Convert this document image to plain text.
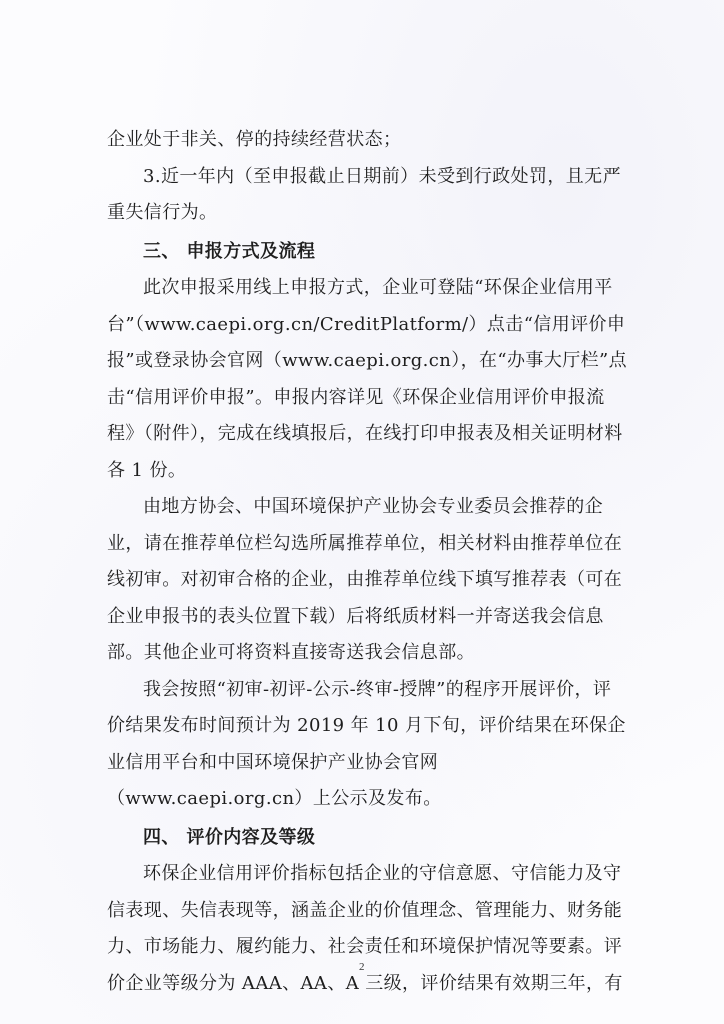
企业处于非关、停的持续经营状态；

3.近一年内（至申报截止日期前）未受到行政处罚，且无严重失信行为。

三、 申报方式及流程

此次申报采用线上申报方式，企业可登陆“环保企业信用平台”（www.caepi.org.cn/CreditPlatform/）点击“信用评价申报”或登录协会官网（www.caepi.org.cn），在“办事大厅栏”点击“信用评价申报”。申报内容详见《环保企业信用评价申报流程》（附件），完成在线填报后，在线打印申报表及相关证明材料各 1 份。

由地方协会、中国环境保护产业协会专业委员会推荐的企业，请在推荐单位栏勾选所属推荐单位，相关材料由推荐单位在线初审。对初审合格的企业，由推荐单位线下填写推荐表（可在企业申报书的表头位置下载）后将纸质材料一并寄送我会信息部。其他企业可将资料直接寄送我会信息部。

我会按照“初审-初评-公示-终审-授牌”的程序开展评价，评价结果发布时间预计为 2019 年 10 月下旬，评价结果在环保企业信用平台和中国环境保护产业协会官网（www.caepi.org.cn）上公示及发布。

四、 评价内容及等级

环保企业信用评价指标包括企业的守信意愿、守信能力及守信表现、失信表现等，涵盖企业的价值理念、管理能力、财务能力、市场能力、履约能力、社会责任和环境保护情况等要素。评价企业等级分为 AAA、AA、A 三级，评价结果有效期三年，有

2
